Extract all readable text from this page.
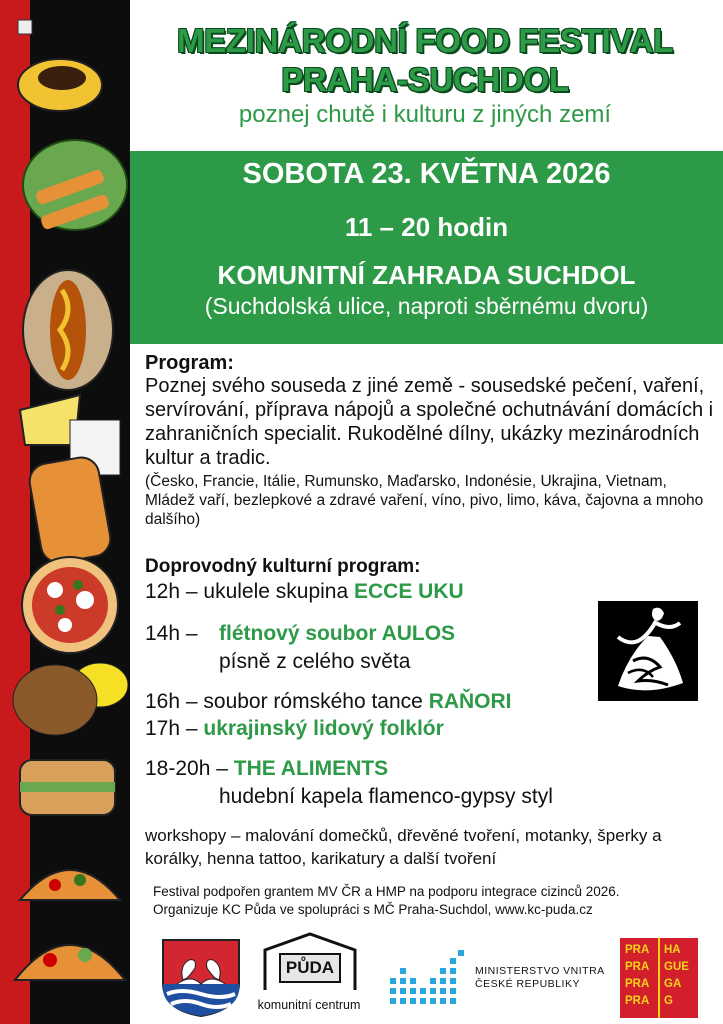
MEZINÁRODNÍ FOOD FESTIVAL
PRAHA-SUCHDOL
poznej chutě i kulturu z jiných zemí
SOBOTA 23. KVĚTNA 2026
11 – 20 hodin
KOMUNITNÍ ZAHRADA SUCHDOL
(Suchdolská ulice, naproti sběrnému dvoru)
Program:
Poznej svého souseda z jiné země - sousedské pečení, vaření, servírování, příprava nápojů a společné ochutnávání domácích i zahraničních specialit. Rukodělné dílny, ukázky mezinárodních kultur a tradic.
(Česko, Francie, Itálie, Rumunsko, Maďarsko, Indonésie, Ukrajina, Vietnam, Mládež vaří, bezlepkové a zdravé vaření, víno, pivo, limo, káva, čajovna a mnoho dalšího)
Doprovodný kulturní program:
12h – ukulele skupina ECCE UKU
14h –flétnový soubor AULOS
písně z celého světa
16h – soubor rómského tance RAŇORI
17h – ukrajinský lidový folklór
18-20h – THE ALIMENTS
hudební kapela flamenco-gypsy styl
workshopy – malování domečků, dřevěné tvoření, motanky, šperky a korálky, henna tattoo, karikatury a další tvoření
Festival podpořen grantem MV ČR a HMP na podporu integrace cizinců 2026.
Organizuje KC Půda ve spolupráci s MČ Praha-Suchdol, www.kc-puda.cz
PŮDA
komunitní centrum
MINISTERSTVO VNITRA
ČESKÉ REPUBLIKY
PRA
PRA
PRA
PRA
HA
GUE
GA
G
